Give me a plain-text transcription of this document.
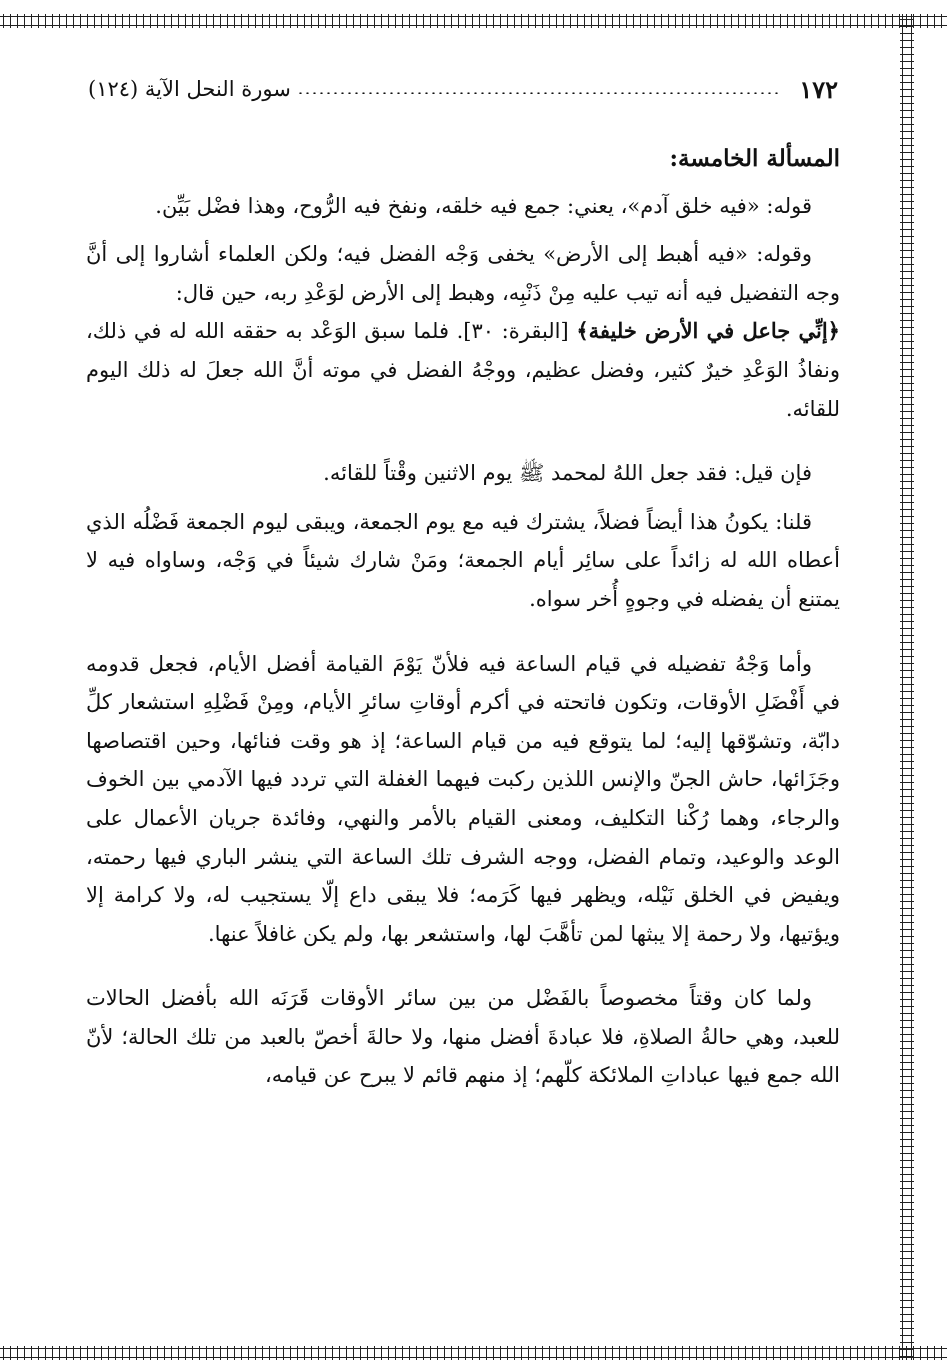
١٧٢
سورة النحل الآية (١٢٤)

المسألة الخامسة:

قوله: «فيه خلق آدم»، يعني: جمع فيه خلقه، ونفخ فيه الرُّوح، وهذا فضْل بَيِّن.

وقوله: «فيه أهبط إلى الأرض» يخفى وَجْه الفضل فيه؛ ولكن العلماء أشاروا إلى أنَّ وجه التفضيل فيه أنه تيب عليه مِنْ ذَنْبِه، وهبط إلى الأرض لوَعْدِ ربه، حين قال:
﴿إنِّي جاعل في الأرض خليفة﴾ [البقرة: ٣٠]. فلما سبق الوَعْد به حققه الله له في ذلك، ونفاذُ الوَعْدِ خيرٌ كثير، وفضل عظيم، ووجْهُ الفضل في موته أنَّ الله جعلَ له ذلك اليوم للقائه.

فإن قيل: فقد جعل اللهُ لمحمد ﷺ يوم الاثنين وقْتاً للقائه.

قلنا: يكونُ هذا أيضاً فضلاً، يشترك فيه مع يوم الجمعة، ويبقى ليوم الجمعة فَضْلُه الذي أعطاه الله له زائداً على سائِر أيام الجمعة؛ ومَنْ شارك شيئاً في وَجْه، وساواه فيه لا يمتنع أن يفضله في وجوهٍ أُخر سواه.

وأما وَجْهُ تفضيله في قيام الساعة فيه فلأنّ يَوْمَ القيامة أفضل الأيام، فجعل قدومه في أَفْضَلِ الأوقات، وتكون فاتحته في أكرم أوقاتِ سائرِ الأيام، ومِنْ فَضْلِهِ استشعار كلِّ دابّة، وتشوّقها إليه؛ لما يتوقع فيه من قيام الساعة؛ إذ هو وقت فنائها، وحين اقتصاصها وجَزَائها، حاش الجنّ والإنس اللذين ركبت فيهما الغفلة التي تردد فيها الآدمي بين الخوف والرجاء، وهما رُكْنا التكليف، ومعنى القيام بالأمر والنهي، وفائدة جريان الأعمال على الوعد والوعيد، وتمام الفضل، ووجه الشرف تلك الساعة التي ينشر الباري فيها رحمته، ويفيض في الخلق نَيْله، ويظهر فيها كَرَمه؛ فلا يبقى داع إلّا يستجيب له، ولا كرامة إلا ويؤتيها، ولا رحمة إلا يبثها لمن تأهَّبَ لها، واستشعر بها، ولم يكن غافلاً عنها.

ولما كان وقتاً مخصوصاً بالفَضْل من بين سائر الأوقات قَرَنَه الله بأفضل الحالات للعبد، وهي حالةُ الصلاةِ، فلا عبادةَ أفضل منها، ولا حالةَ أخصّ بالعبد من تلك الحالة؛ لأنّ الله جمع فيها عباداتِ الملائكة كلّهم؛ إذ منهم قائم لا يبرح عن قيامه،
